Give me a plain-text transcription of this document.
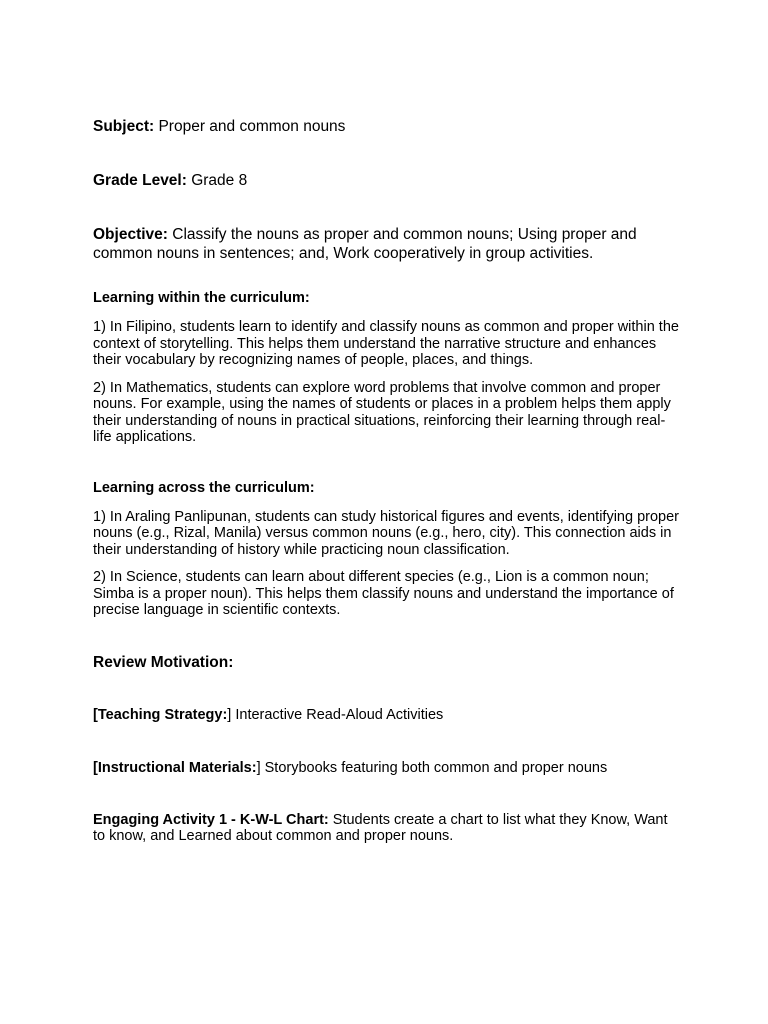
Subject: Proper and common nouns

Grade Level: Grade 8

Objective: Classify the nouns as proper and common nouns; Using proper and common nouns in sentences; and, Work cooperatively in group activities.

Learning within the curriculum:

1) In Filipino, students learn to identify and classify nouns as common and proper within the context of storytelling. This helps them understand the narrative structure and enhances their vocabulary by recognizing names of people, places, and things.

2) In Mathematics, students can explore word problems that involve common and proper nouns. For example, using the names of students or places in a problem helps them apply their understanding of nouns in practical situations, reinforcing their learning through real-life applications.

Learning across the curriculum:

1) In Araling Panlipunan, students can study historical figures and events, identifying proper nouns (e.g., Rizal, Manila) versus common nouns (e.g., hero, city). This connection aids in their understanding of history while practicing noun classification.

2) In Science, students can learn about different species (e.g., Lion is a common noun; Simba is a proper noun). This helps them classify nouns and understand the importance of precise language in scientific contexts.

Review Motivation:

[Teaching Strategy:] Interactive Read-Aloud Activities

[Instructional Materials:] Storybooks featuring both common and proper nouns

Engaging Activity 1 - K-W-L Chart: Students create a chart to list what they Know, Want to know, and Learned about common and proper nouns.
